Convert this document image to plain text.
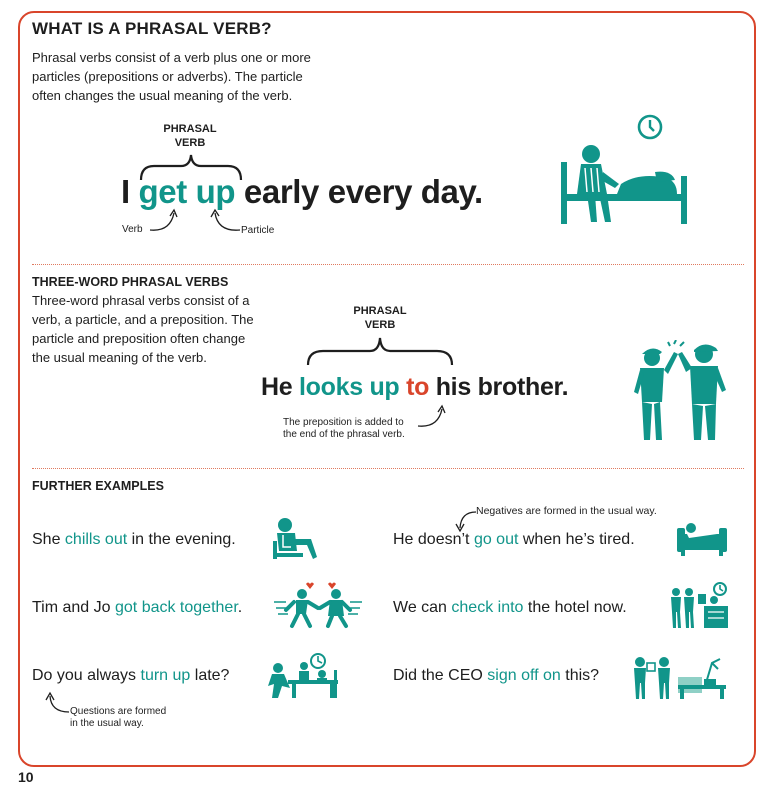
WHAT IS A PHRASAL VERB?
Phrasal verbs consist of a verb plus one or more
particles (prepositions or adverbs). The particle
often changes the usual meaning of the verb.
PHRASAL
VERB
I get up early every day.
Verb	Particle
THREE-WORD PHRASAL VERBS
Three-word phrasal verbs consist of a
verb, a particle, and a preposition. The
particle and preposition often change
the usual meaning of the verb.
PHRASAL
VERB
He looks up to his brother.
The preposition is added to
the end of the phrasal verb.
FURTHER EXAMPLES
Negatives are formed in the usual way.
She chills out in the evening.	He doesn’t go out when he’s tired.
Tim and Jo got back together.	We can check into the hotel now.
Do you always turn up late?	Did the CEO sign off on this?
Questions are formed
in the usual way.
10
